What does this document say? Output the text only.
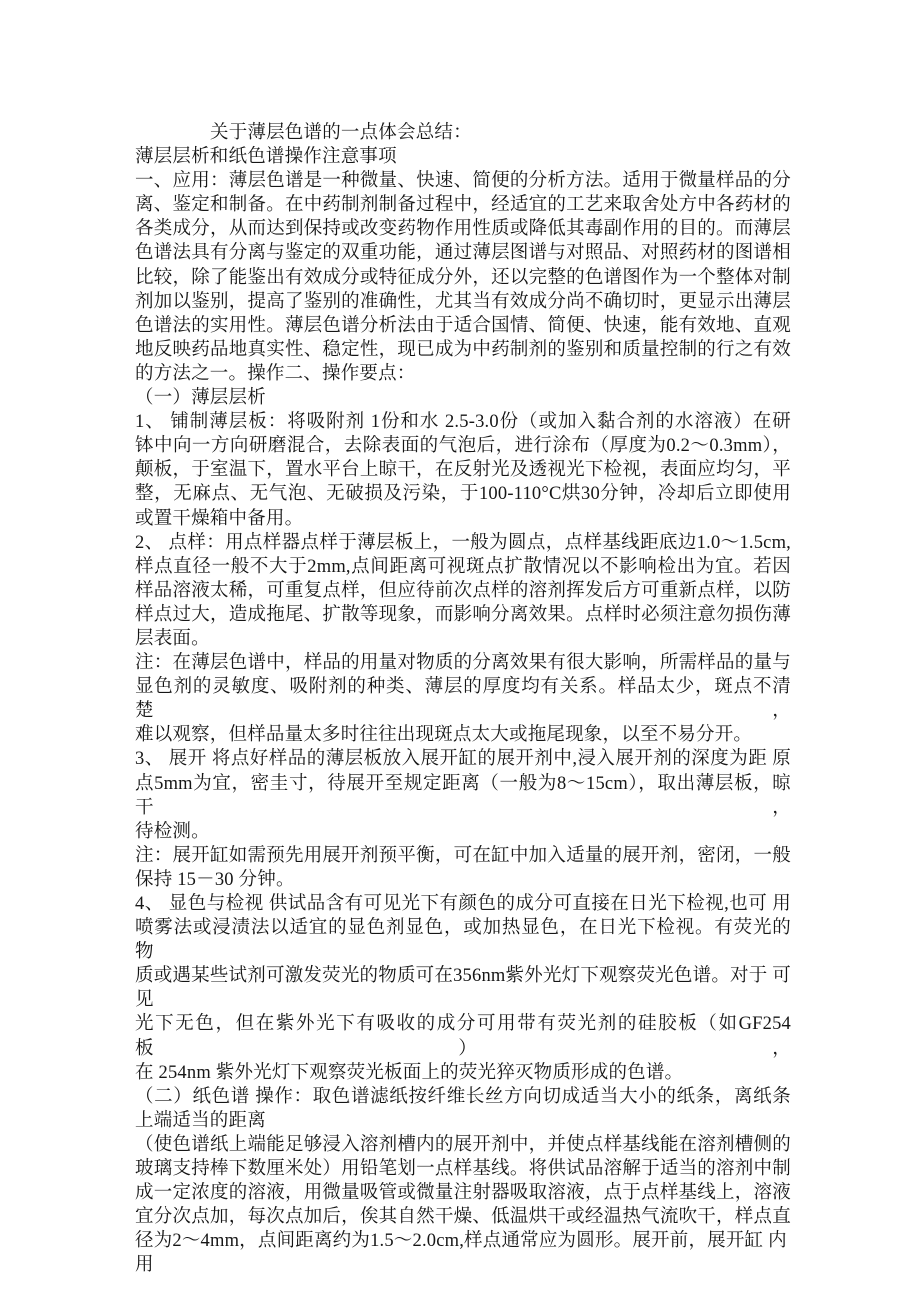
关于薄层色谱的一点体会总结：
薄层层析和纸色谱操作注意事项
一、应用：薄层色谱是一种微量、快速、简便的分析方法。适用于微量样品的分
离、鉴定和制备。在中药制剂制备过程中，经适宜的工艺来取舍处方中各药材的
各类成分，从而达到保持或改变药物作用性质或降低其毒副作用的目的。而薄层
色谱法具有分离与鉴定的双重功能，通过薄层图谱与对照品、对照药材的图谱相
比较，除了能鉴出有效成分或特征成分外，还以完整的色谱图作为一个整体对制
剂加以鉴别，提高了鉴别的准确性，尤其当有效成分尚不确切时，更显示出薄层
色谱法的实用性。薄层色谱分析法由于适合国情、简便、快速，能有效地、直观
地反映药品地真实性、稳定性，现已成为中药制剂的鉴别和质量控制的行之有效
的方法之一。操作二、操作要点：
（一）薄层层析
1、 铺制薄层板：将吸附剂 1份和水 2.5-3.0份（或加入黏合剂的水溶液）在研
钵中向一方向研磨混合，去除表面的气泡后，进行涂布（厚度为0.2〜0.3mm），
颠板，于室温下，置水平台上晾干，在反射光及透视光下检视，表面应均匀，平
整，无麻点、无气泡、无破损及污染，于100-110°C烘30分钟，冷却后立即使用
或置干燥箱中备用。
2、 点样：用点样器点样于薄层板上，一般为圆点，点样基线距底边1.0〜1.5cm,
样点直径一般不大于2mm,点间距离可视斑点扩散情况以不影响检出为宜。若因
样品溶液太稀，可重复点样，但应待前次点样的溶剂挥发后方可重新点样，以防
样点过大，造成拖尾、扩散等现象，而影响分离效果。点样时必须注意勿损伤薄
层表面。
注：在薄层色谱中，样品的用量对物质的分离效果有很大影响，所需样品的量与
显色剂的灵敏度、吸附剂的种类、薄层的厚度均有关系。样品太少，斑点不清楚，
难以观察，但样品量太多时往往出现斑点太大或拖尾现象，以至不易分开。
3、 展开 将点好样品的薄层板放入展开缸的展开剂中,浸入展开剂的深度为距 原
点5mm为宜，密圭寸，待展开至规定距离（一般为8〜15cm），取出薄层板，晾 干，
待检测。
注：展开缸如需预先用展开剂预平衡，可在缸中加入适量的展开剂，密闭，一般
保持 15－30 分钟。
4、 显色与检视 供试品含有可见光下有颜色的成分可直接在日光下检视,也可 用
喷雾法或浸渍法以适宜的显色剂显色，或加热显色，在日光下检视。有荧光的 物
质或遇某些试剂可激发荧光的物质可在356nm紫外光灯下观察荧光色谱。对于 可见
光下无色，但在紫外光下有吸收的成分可用带有荧光剂的硅胶板（如GF254 板），
在 254nm 紫外光灯下观察荧光板面上的荧光猝灭物质形成的色谱。
（二）纸色谱 操作：取色谱滤纸按纤维长丝方向切成适当大小的纸条，离纸条
上端适当的距离
（使色谱纸上端能足够浸入溶剂槽内的展开剂中，并使点样基线能在溶剂槽侧的
玻璃支持棒下数厘米处）用铅笔划一点样基线。将供试品溶解于适当的溶剂中制
成一定浓度的溶液，用微量吸管或微量注射器吸取溶液，点于点样基线上，溶液
宜分次点加，每次点加后，俟其自然干燥、低温烘干或经温热气流吹干，样点直
径为2〜4mm，点间距离约为1.5〜2.0cm,样点通常应为圆形。展开前，展开缸 内用
